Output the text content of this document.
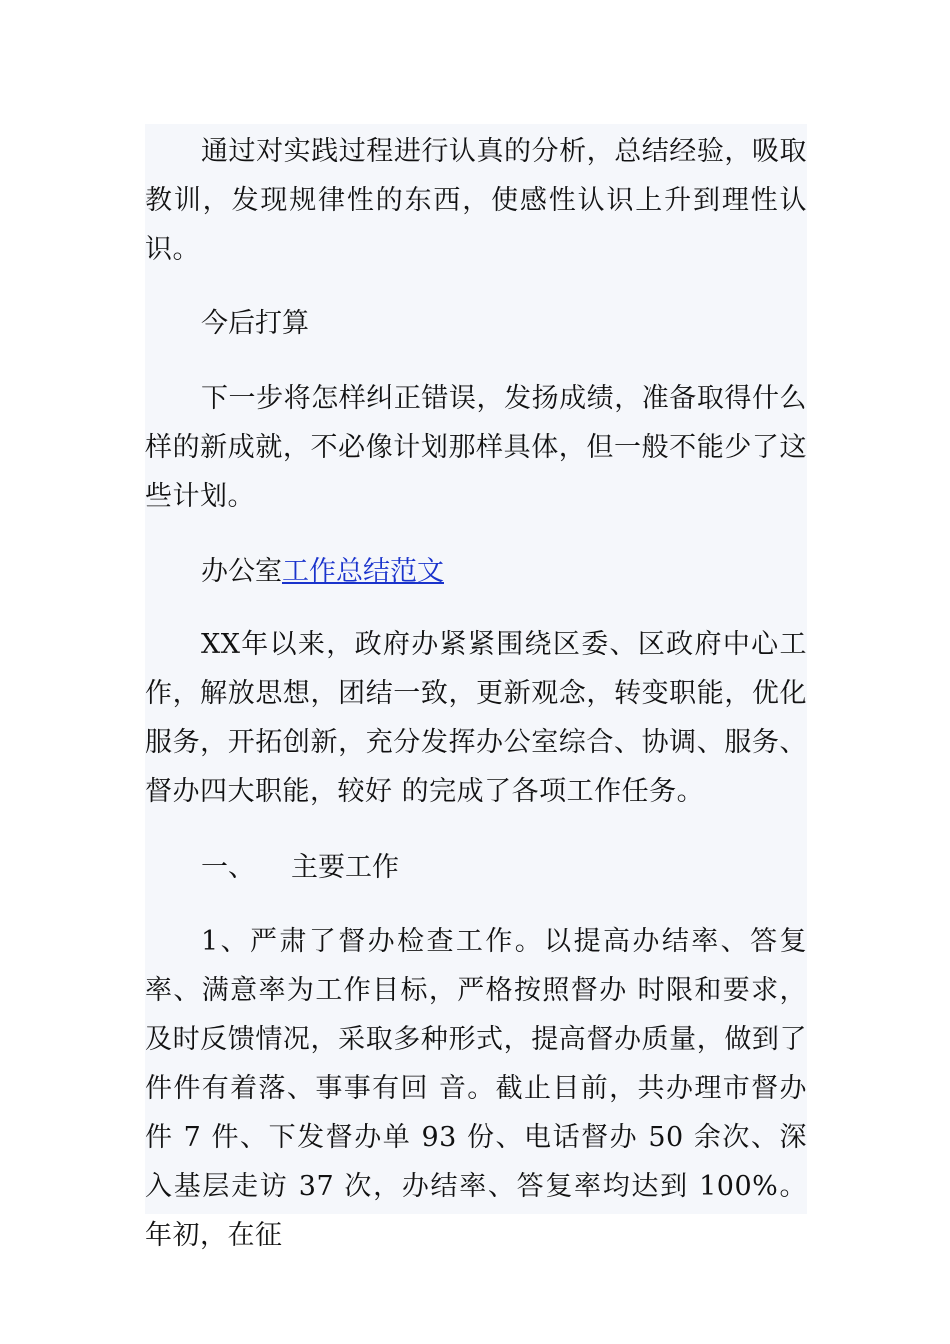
通过对实践过程进行认真的分析，总结经验，吸取教训，发现规律性的东西，使感性认识上升到理性认识。

今后打算

下一步将怎样纠正错误，发扬成绩，准备取得什么样的新成就，不必像计划那样具体，但一般不能少了这些计划。

办公室工作总结范文

XX年以来，政府办紧紧围绕区委、区政府中心工作，解放思想，团结一致，更新观念，转变职能，优化服务，开拓创新，充分发挥办公室综合、协调、服务、督办四大职能，较好 的完成了各项工作任务。

一、 主要工作

1、严肃了督办检查工作。以提高办结率、答复率、满意率为工作目标，严格按照督办 时限和要求，及时反馈情况，采取多种形式，提高督办质量，做到了件件有着落、事事有回 音。截止目前，共办理市督办件 7 件、下发督办单 93 份、电话督办 50 余次、深入基层走访 37 次，办结率、答复率均达到 100%。年初，在征
